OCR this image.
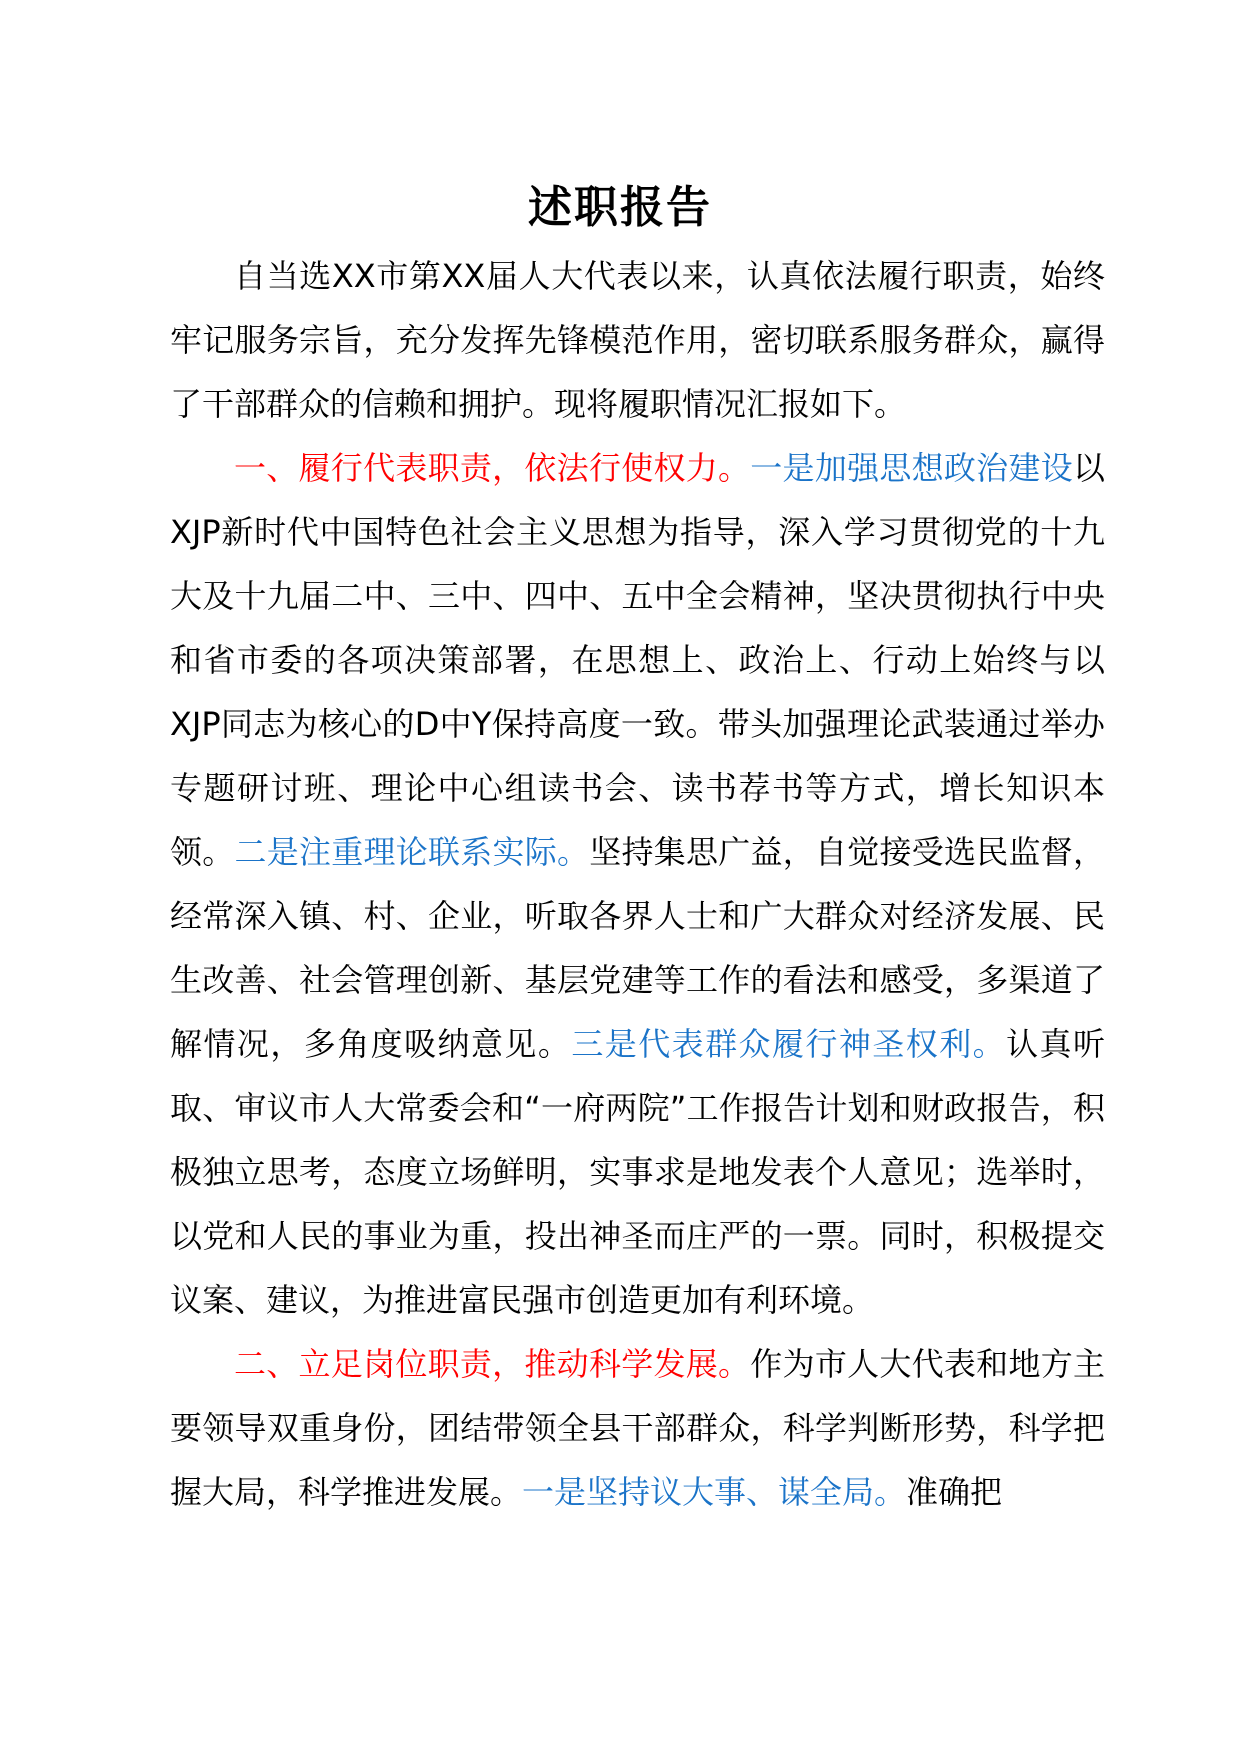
述职报告

自当选XX市第XX届人大代表以来，认真依法履行职责，始终牢记服务宗旨，充分发挥先锋模范作用，密切联系服务群众，赢得了干部群众的信赖和拥护。现将履职情况汇报如下。

一、履行代表职责，依法行使权力。一是加强思想政治建设以XJP新时代中国特色社会主义思想为指导，深入学习贯彻党的十九大及十九届二中、三中、四中、五中全会精神，坚决贯彻执行中央和省市委的各项决策部署，在思想上、政治上、行动上始终与以XJP同志为核心的D中Y保持高度一致。带头加强理论武装通过举办专题研讨班、理论中心组读书会、读书荐书等方式，增长知识本领。二是注重理论联系实际。坚持集思广益，自觉接受选民监督，经常深入镇、村、企业，听取各界人士和广大群众对经济发展、民生改善、社会管理创新、基层党建等工作的看法和感受，多渠道了解情况，多角度吸纳意见。三是代表群众履行神圣权利。认真听取、审议市人大常委会和“一府两院”工作报告计划和财政报告，积极独立思考，态度立场鲜明，实事求是地发表个人意见；选举时，以党和人民的事业为重，投出神圣而庄严的一票。同时，积极提交议案、建议，为推进富民强市创造更加有利环境。

二、立足岗位职责，推动科学发展。作为市人大代表和地方主要领导双重身份，团结带领全县干部群众，科学判断形势，科学把握大局，科学推进发展。一是坚持议大事、谋全局。准确把
